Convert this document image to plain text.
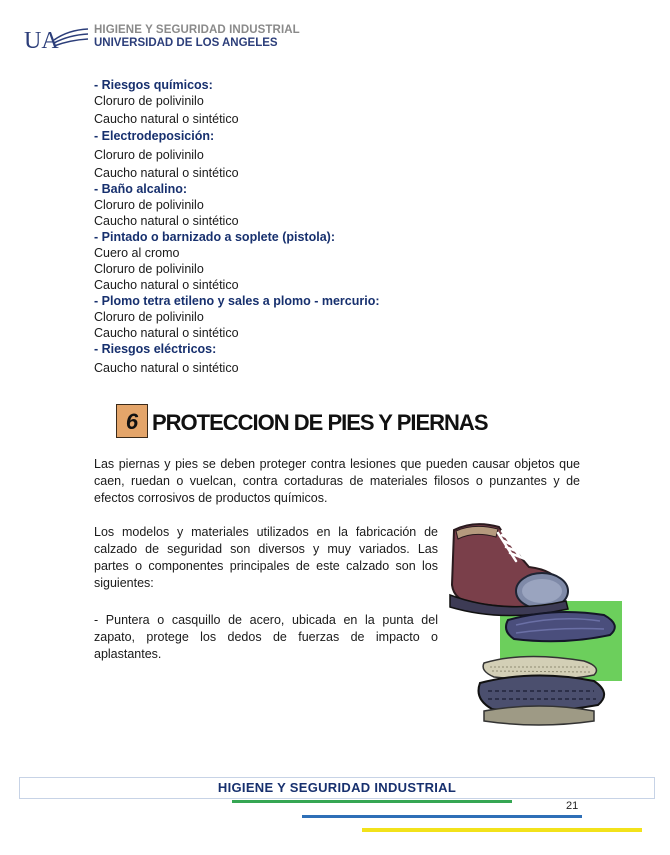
UA	HIGIENE Y SEGURIDAD INDUSTRIAL
UNIVERSIDAD DE LOS ANGELES
- Riesgos químicos:
Cloruro de polivinilo
Caucho natural o sintético
- Electrodeposición:
Cloruro de polivinilo
Caucho natural o sintético
- Baño alcalino:
Cloruro de polivinilo
Caucho natural o sintético
- Pintado o barnizado a soplete (pistola):
Cuero al cromo
Cloruro de polivinilo
Caucho natural o sintético
- Plomo tetra etileno y sales a plomo - mercurio:
Cloruro de polivinilo
Caucho natural o sintético
- Riesgos eléctricos:
Caucho natural o sintético
6 PROTECCION DE PIES Y PIERNAS
Las piernas y pies se deben proteger contra lesiones que pueden causar objetos que caen, ruedan o vuelcan, contra cortaduras de materiales filosos o punzantes y de efectos corrosivos de productos químicos.
Los modelos y materiales utilizados en la fabricación de calzado de seguridad son diversos y muy variados. Las partes o componentes principales de este calzado son los siguientes:
- Puntera o casquillo de acero, ubicada en la punta del zapato, protege los dedos de fuerzas de impacto o aplastantes.
HIGIENE Y SEGURIDAD INDUSTRIAL
21
